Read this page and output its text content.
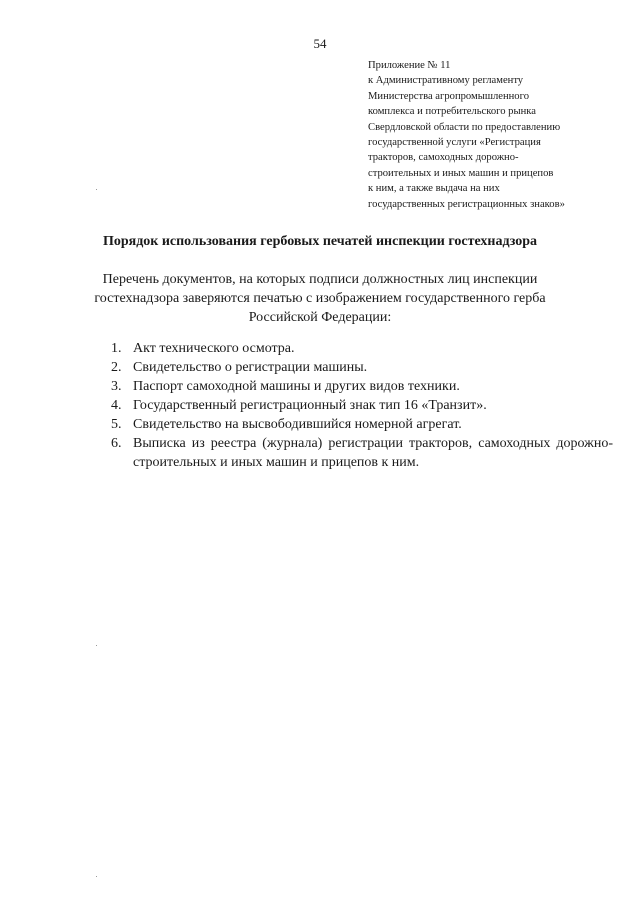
54
Приложение № 11
к Административному регламенту
Министерства агропромышленного
комплекса и потребительского рынка
Свердловской области по предоставлению
государственной услуги «Регистрация
тракторов, самоходных дорожно-
строительных и иных машин и прицепов
к ним, а также выдача на них
государственных регистрационных знаков»
Порядок использования гербовых печатей инспекции гостехнадзора
Перечень документов, на которых подписи должностных лиц инспекции
гостехнадзора заверяются печатью с изображением государственного герба
Российской Федерации:
1. Акт технического осмотра.
2. Свидетельство о регистрации машины.
3. Паспорт самоходной машины и других видов техники.
4. Государственный регистрационный знак тип 16 «Транзит».
5. Свидетельство на высвободившийся номерной агрегат.
6. Выписка из реестра (журнала) регистрации тракторов, самоходных дорожно-строительных и иных машин и прицепов к ним.
